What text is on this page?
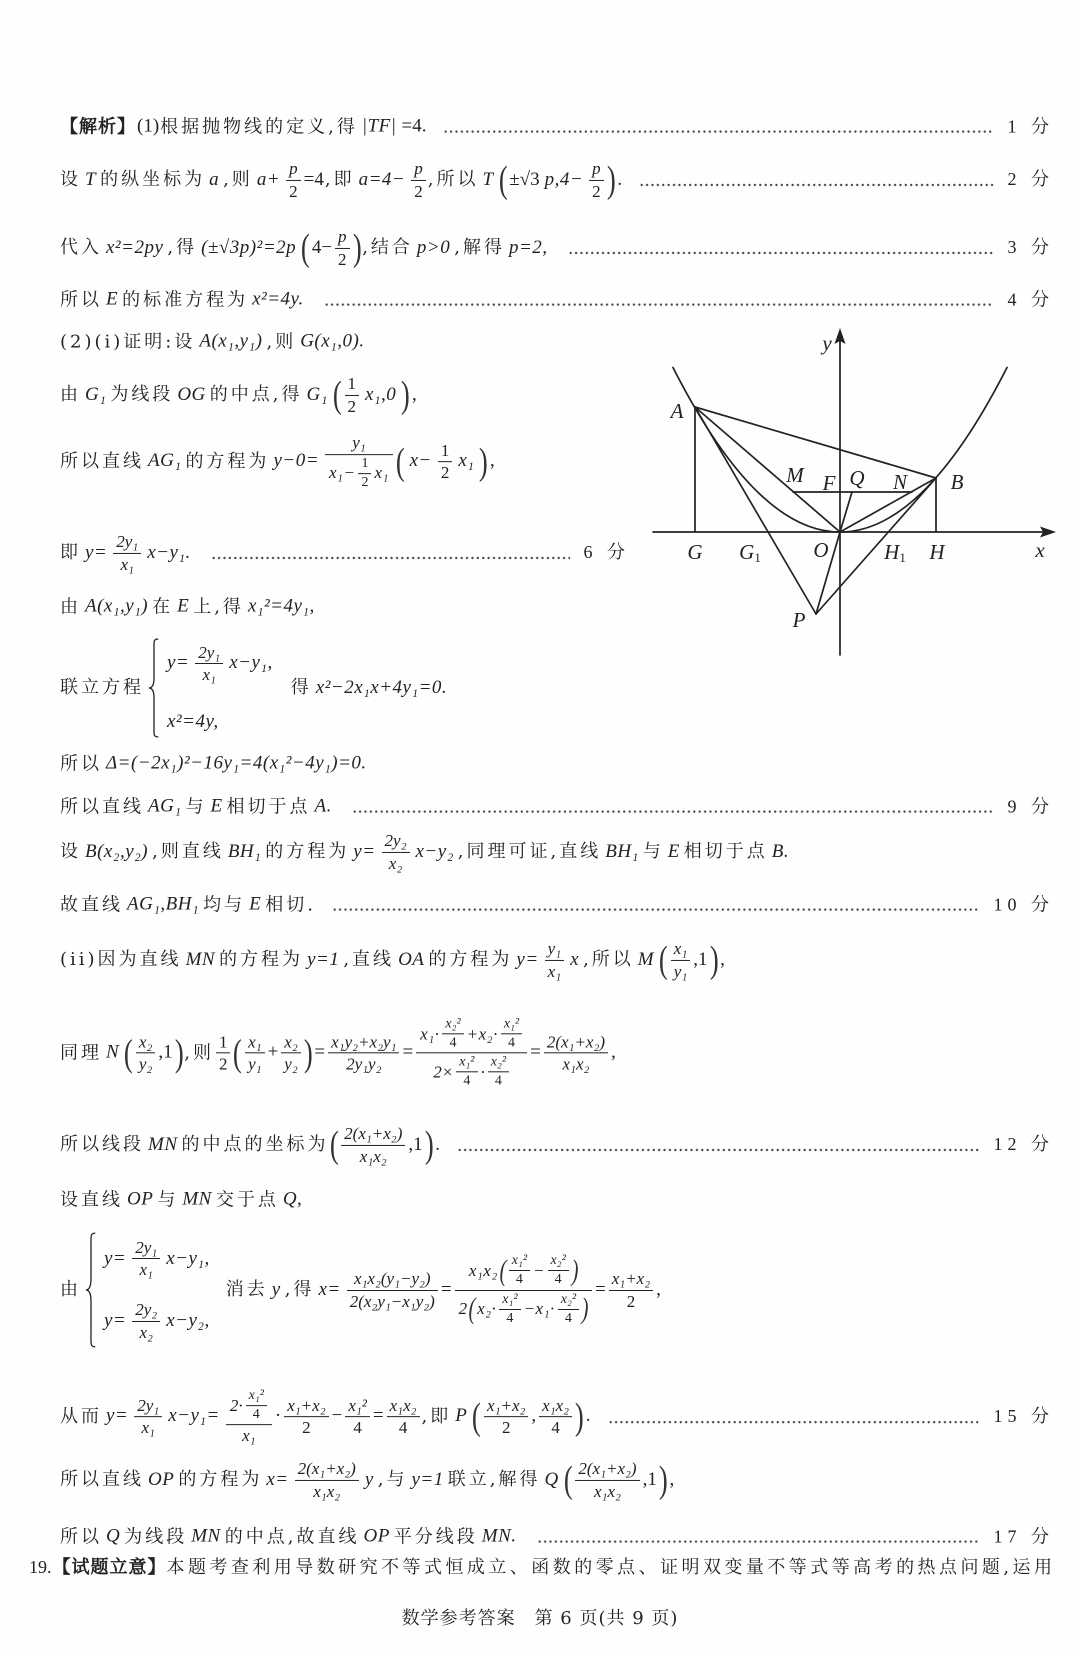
【解析】 (1) 根据抛物线的定义,得 |TF| =4.	1 分
设 T 的纵坐标为 a ,则 $a+ \frac{p}{2} =4$ ,即 $a=4- \frac{p}{2}$ ,所以 T ( ±√3 $p,4- \frac{p}{2}$ ) .	2 分
代入 x²=2py ,得 (±√3p)²=2p ( $4- \frac{p}{2}$ ) ,结合 p>0 ,解得 p=2,	3 分
所以 E 的标准方程为 x²=4y.	4 分
(2)(i)证明:设 A(x₁,y₁) ,则 G(x₁,0).
由 G₁ 为线段 OG 的中点,得 G₁ ( $\frac{1}{2} x_1,0$ ) ,
所以直线 AG₁ 的方程为 $y-0= \frac{\text{y₁}}{x_1- \frac{1}{2} x_1}$ ( $x- \frac{1}{2} x_1$ ) ,
即 $y= \frac{\text{2y₁}}{\text{x₁}} x-y_1$.	6 分
由 A(x₁,y₁) 在 E 上,得 x₁²=4y₁,
联立方程
$y= \frac{\text{2y₁}}{\text{x₁}} x-y_1$,
x²=4y,
得 x²−2x₁x+4y₁=0.
所以 Δ=(−2x₁)²−16y₁=4(x₁²−4y₁)=0.
所以直线 AG₁ 与 E 相切于点 A.	9 分
设 B(x₂,y₂) ,则直线 BH₁ 的方程为 $y= \frac{\text{2y₂}}{\text{x₂}} x-y_2$ ,同理可证,直线 BH₁ 与 E 相切于点 B.
故直线 AG₁,BH₁ 均与 E 相切.	10 分
(ii)因为直线 MN 的方程为 y=1 ,直线 OA 的方程为 $y= \frac{\text{y₁}}{\text{x₁}}$ x ,所以 M ( $\frac{\text{x₁}}{\text{y₁}} ,1$ ) ,
同理 N ( $\frac{\text{x₂}}{\text{y₂}} ,1$ ) ,则 $\frac{1}{2}$ ( $\frac{\text{x₁}}{\text{y₁}} + \frac{\text{x₂}}{\text{y₂}}$ ) = $\frac{\text{x₁y₂+x₂y₁}}{\text{2y₁y₂}} = \frac{x_1\cdot \frac{\text{x₂²}}{4} +x_2\cdot \frac{\text{x₁²}}{4}}{2\times \frac{\text{x₁²}}{4} \cdot \frac{\text{x₂²}}{4}} = \frac{\text{2(x₁+x₂)}}{\text{x₁x₂}}$ ,
所以线段 MN 的中点的坐标为 ( $\frac{\text{2(x₁+x₂)}}{\text{x₁x₂}} ,1$ ) .	12 分
设直线 OP 与 MN 交于点 Q,
由
$y= \frac{\text{2y₁}}{\text{x₁}} x-y_1$,
$y= \frac{\text{2y₂}}{\text{x₂}} x-y_2$,
消去 y ,得 $x= \frac{\text{x₁x₂(y₁−y₂)}}{\text{2(x₂y₁−x₁y₂)}} = \frac{x_1x_2 ( \frac{\text{x₁²}}{4} - \frac{\text{x₂²}}{4} )}{2 ( x_2\cdot \frac{\text{x₁²}}{4} -x_1\cdot \frac{\text{x₂²}}{4} )} = \frac{\text{x₁+x₂}}{2}$ ,
从而 $y= \frac{\text{2y₁}}{\text{x₁}} x-y_1= \frac{2\cdot \frac{\text{x₁²}}{4}}{\text{x₁}} \cdot \frac{\text{x₁+x₂}}{2} - \frac{\text{x₁²}}{4} = \frac{\text{x₁x₂}}{4}$ ,即 P ( $\frac{\text{x₁+x₂}}{2}$ , $\frac{\text{x₁x₂}}{4}$ ) .	15 分
所以直线 OP 的方程为 $x= \frac{\text{2(x₁+x₂)}}{\text{x₁x₂}}$ y ,与 y=1 联立,解得 Q ( $\frac{\text{2(x₁+x₂)}}{\text{x₁x₂}} ,1$ ) ,
所以 Q 为线段 MN 的中点,故直线 OP 平分线段 MN.	17 分
19. 【试题立意】 本题考查利用导数研究不等式恒成立、函数的零点、证明双变量不等式等高考的热点问题,运用
数学参考答案　第 6 页(共 9 页)
y
x
A
M F Q N B
G $G_1$	O	$H_1$ H
P
